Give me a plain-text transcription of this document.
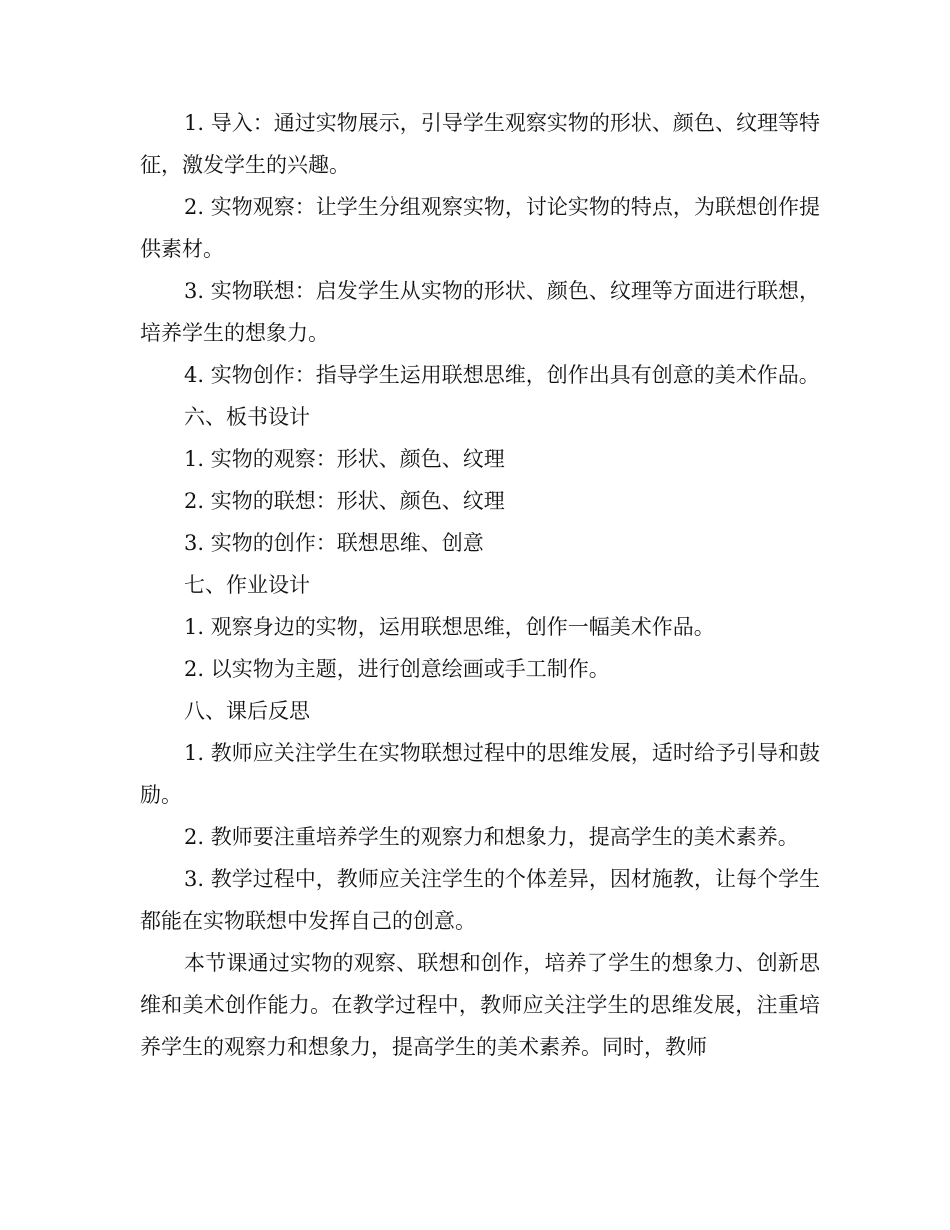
1. 导入：通过实物展示，引导学生观察实物的形状、颜色、纹理等特征，激发学生的兴趣。

2. 实物观察：让学生分组观察实物，讨论实物的特点，为联想创作提供素材。

3. 实物联想：启发学生从实物的形状、颜色、纹理等方面进行联想，培养学生的想象力。

4. 实物创作：指导学生运用联想思维，创作出具有创意的美术作品。

六、板书设计

1. 实物的观察：形状、颜色、纹理

2. 实物的联想：形状、颜色、纹理

3. 实物的创作：联想思维、创意

七、作业设计

1. 观察身边的实物，运用联想思维，创作一幅美术作品。

2. 以实物为主题，进行创意绘画或手工制作。

八、课后反思

1. 教师应关注学生在实物联想过程中的思维发展，适时给予引导和鼓励。

2. 教师要注重培养学生的观察力和想象力，提高学生的美术素养。

3. 教学过程中，教师应关注学生的个体差异，因材施教，让每个学生都能在实物联想中发挥自己的创意。

本节课通过实物的观察、联想和创作，培养了学生的想象力、创新思维和美术创作能力。在教学过程中，教师应关注学生的思维发展，注重培养学生的观察力和想象力，提高学生的美术素养。同时，教师
